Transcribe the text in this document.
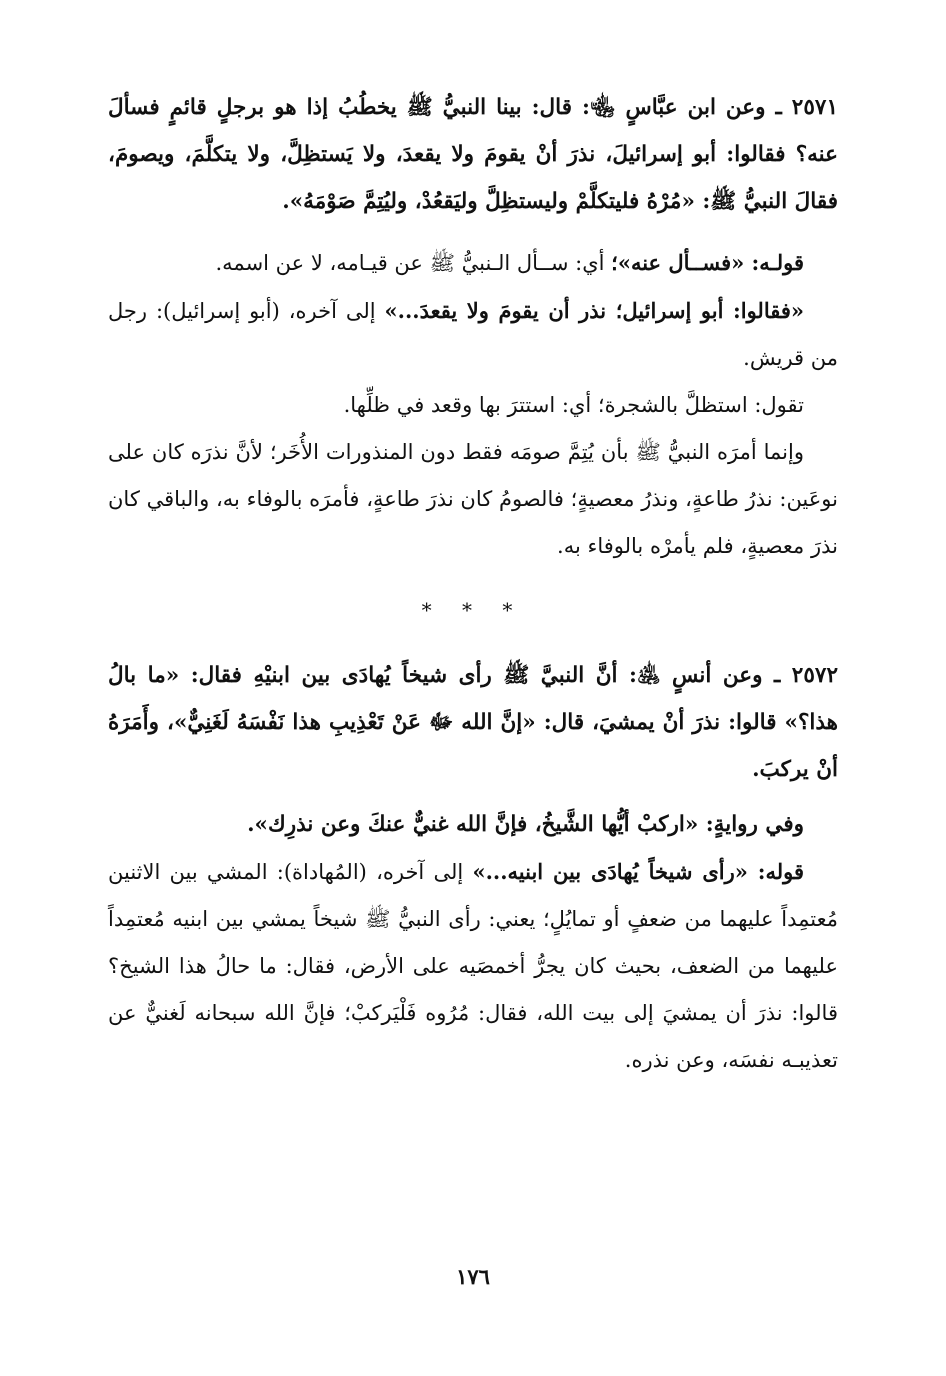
٢٥٧١ ـ وعن ابن عبَّاسٍ ﵄: قال: بينا النبيُّ ﷺ يخطُبُ إذا هو برجلٍ قائمٍ فسألَ عنه؟ فقالوا: أبو إسرائيلَ، نذرَ أنْ يقومَ ولا يقعدَ، ولا يَستظِلَّ، ولا يتكلَّمَ، ويصومَ، فقالَ النبيُّ ﷺ: «مُرْهُ فليتكلَّمْ وليستظِلَّ وليَقعُدْ، وليُتِمَّ صَوْمَهُ».

قولـه: «فســأل عنه»؛ أي: ســأل الـنبيُّ ﷺ عن قيـامه، لا عن اسمه.

«فقالوا: أبو إسرائيل؛ نذر أن يقومَ ولا يقعدَ...» إلى آخره، (أبو إسرائيل): رجل من قريش.

تقول: استظلَّ بالشجرة؛ أي: استترَ بها وقعد في ظلِّها.

وإنما أمرَه النبيُّ ﷺ بأن يُتِمَّ صومَه فقط دون المنذورات الأُخَر؛ لأنَّ نذرَه كان على نوعَين: نذرُ طاعةٍ، ونذرُ معصيةٍ؛ فالصومُ كان نذرَ طاعةٍ، فأمرَه بالوفاء به، والباقي كان نذرَ معصيةٍ، فلم يأمرْه بالوفاء به.

* * *

٢٥٧٢ ـ وعن أنسٍ ﵁: أنَّ النبيَّ ﷺ رأى شيخاً يُهادَى بين ابنيْهِ فقال: «ما بالُ هذا؟» قالوا: نذرَ أنْ يمشيَ، قال: «إنَّ الله ﷻ عَنْ تَعْذِيبِ هذا نَفْسَهُ لَغَنِيٌّ»، وأَمَرَهُ أنْ يركبَ.

وفي روايةٍ: «اركبْ أيُّها الشَّيخُ، فإنَّ الله غنيٌّ عنكَ وعن نذرِك».

قوله: «رأى شيخاً يُهادَى بين ابنيه...» إلى آخره، (المُهاداة): المشي بين الاثنين مُعتمِداً عليهما من ضعفٍ أو تمايُلٍ؛ يعني: رأى النبيُّ ﷺ شيخاً يمشي بين ابنيه مُعتمِداً عليهما من الضعف، بحيث كان يجرُّ أخمصَيه على الأرض، فقال: ما حالُ هذا الشيخ؟ قالوا: نذرَ أن يمشيَ إلى بيت الله، فقال: مُرُوه فَلْيَركبْ؛ فإنَّ الله سبحانه لَغنيٌّ عن تعذيبـه نفسَه، وعن نذره.

١٧٦
